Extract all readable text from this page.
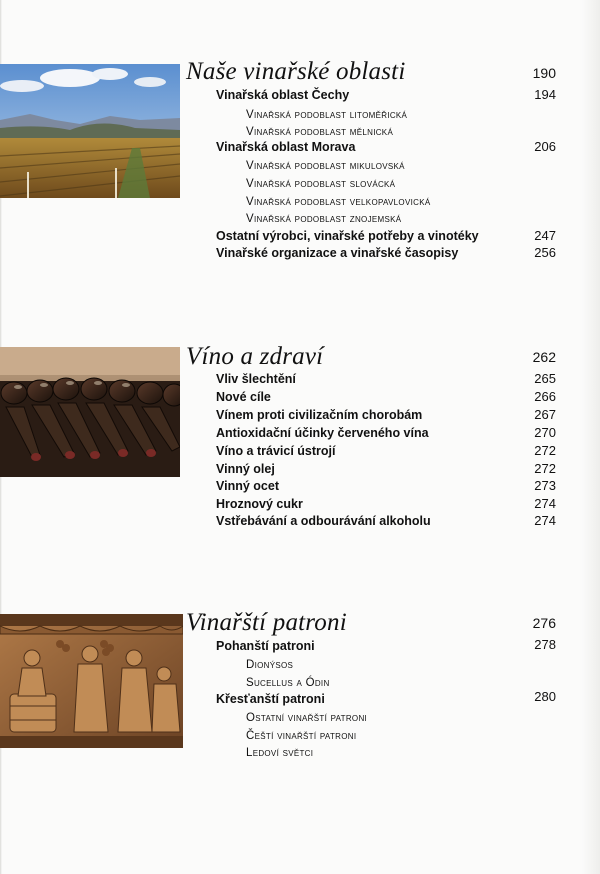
Naše vinařské oblasti	190
Vinařská oblast Čechy	194
Vinařská podoblast litoměřická
Vinařská podoblast mělnická
Vinařská oblast Morava	206
Vinařská podoblast mikulovská
Vinařská podoblast slovácká
Vinařská podoblast velkopavlovická
Vinařská podoblast znojemská
Ostatní výrobci, vinařské potřeby a vinotéky	247
Vinařské organizace a vinařské časopisy	256
Víno a zdraví	262
Vliv šlechtění	265
Nové cíle	266
Vínem proti civilizačním chorobám	267
Antioxidační účinky červeného vína	270
Víno a trávicí ústrojí	272
Vinný olej	272
Vinný ocet	273
Hroznový cukr	274
Vstřebávání a odbourávání alkoholu	274
Vinařští patroni	276
Pohanští patroni	278
Dionýsos
Sucellus a Ódin
Křesťanští patroni	280
Ostatní vinařští patroni
Čeští vinařští patroni
Ledoví světci
